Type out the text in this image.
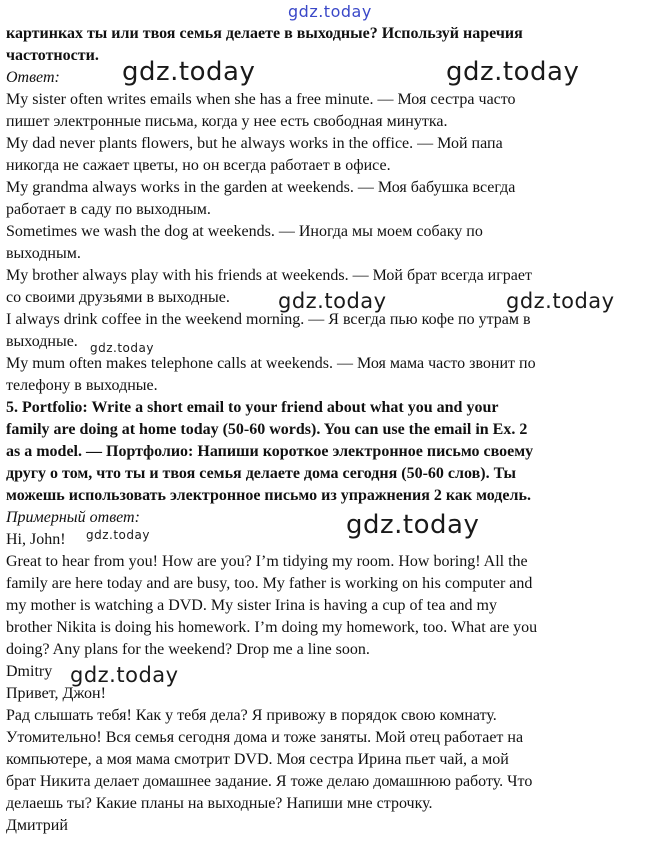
gdz.today
картинках ты или твоя семья делаете в выходные? Используй наречия
частотности.
Ответ:
My sister often writes emails when she has a free minute. — Моя сестра часто
пишет электронные письма, когда у нее есть свободная минутка.
My dad never plants flowers, but he always works in the office. — Мой папа
никогда не сажает цветы, но он всегда работает в офисе.
My grandma always works in the garden at weekends. — Моя бабушка всегда
работает в саду по выходным.
Sometimes we wash the dog at weekends. — Иногда мы моем собаку по
выходным.
My brother always play with his friends at weekends. — Мой брат всегда играет
со своими друзьями в выходные.
I always drink coffee in the weekend morning. — Я всегда пью кофе по утрам в
выходные.
My mum often makes telephone calls at weekends. — Моя мама часто звонит по
телефону в выходные.
5. Portfolio: Write a short email to your friend about what you and your
family are doing at home today (50-60 words). You can use the email in Ex. 2
as a model. — Портфолио: Напиши короткое электронное письмо своему
другу о том, что ты и твоя семья делаете дома сегодня (50-60 слов). Ты
можешь использовать электронное письмо из упражнения 2 как модель.
Примерный ответ:
Hi, John!
Great to hear from you! How are you? I’m tidying my room. How boring! All the
family are here today and are busy, too. My father is working on his computer and
my mother is watching a DVD. My sister Irina is having a cup of tea and my
brother Nikita is doing his homework. I’m doing my homework, too. What are you
doing? Any plans for the weekend? Drop me a line soon.
Dmitry
Привет, Джон!
Рад слышать тебя! Как у тебя дела? Я привожу в порядок свою комнату.
Утомительно! Вся семья сегодня дома и тоже заняты. Мой отец работает на
компьютере, а моя мама смотрит DVD. Моя сестра Ирина пьет чай, а мой
брат Никита делает домашнее задание. Я тоже делаю домашнюю работу. Что
делаешь ты? Какие планы на выходные? Напиши мне строчку.
Дмитрий
gdz.today	gdz.today
gdz.today	gdz.today
gdz.today
gdz.today
gdz.today
gdz.today
